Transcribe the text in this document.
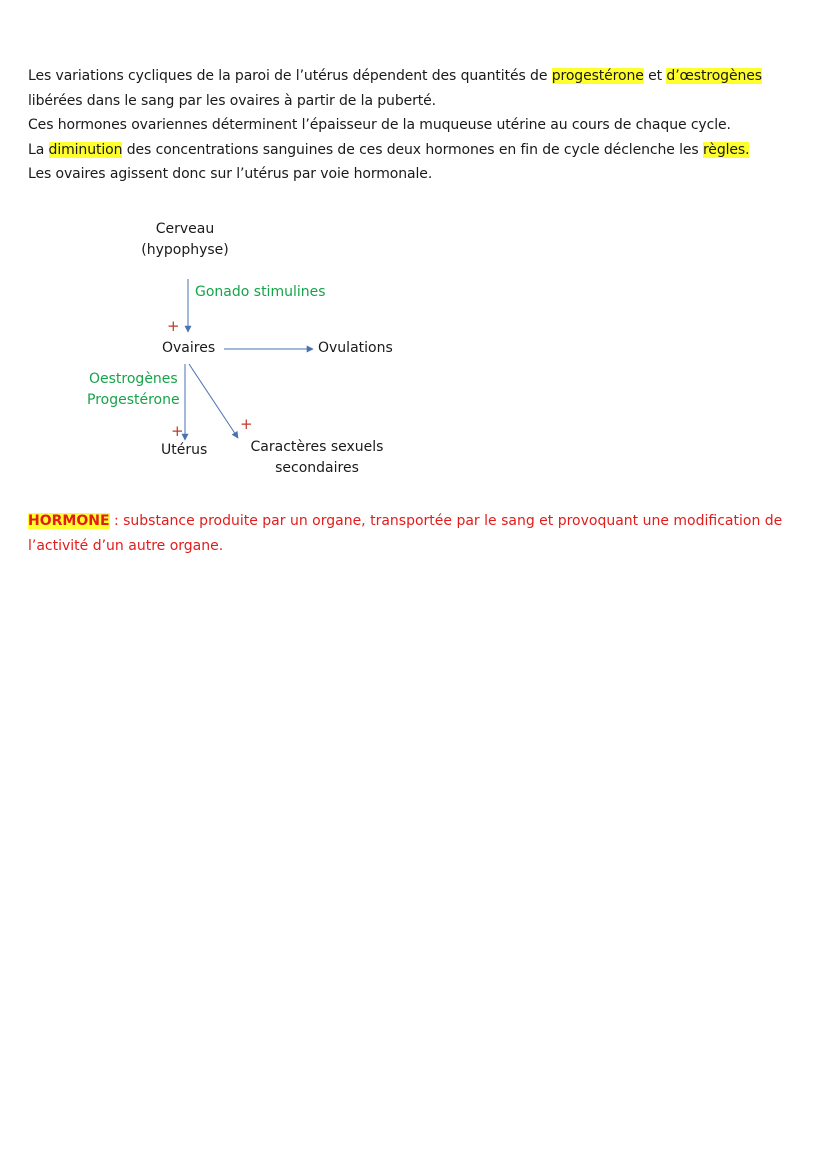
Les variations cycliques de la paroi de l’utérus dépendent des quantités de progestérone et d’œstrogènes

libérées dans le sang par les ovaires à partir de la puberté.

Ces hormones ovariennes déterminent l’épaisseur de la muqueuse utérine au cours de chaque cycle.

La diminution des concentrations sanguines de ces deux hormones en fin de cycle déclenche les règles.

Les ovaires agissent donc sur l’utérus par voie hormonale.

Cerveau
(hypophyse)
Gonado stimulines
+
Ovaires	Ovulations
Oestrogènes
Progestérone
+	+
Utérus	Caractères sexuels
secondaires

HORMONE : substance produite par un organe, transportée par le sang et provoquant une modification de

l’activité d’un autre organe.
